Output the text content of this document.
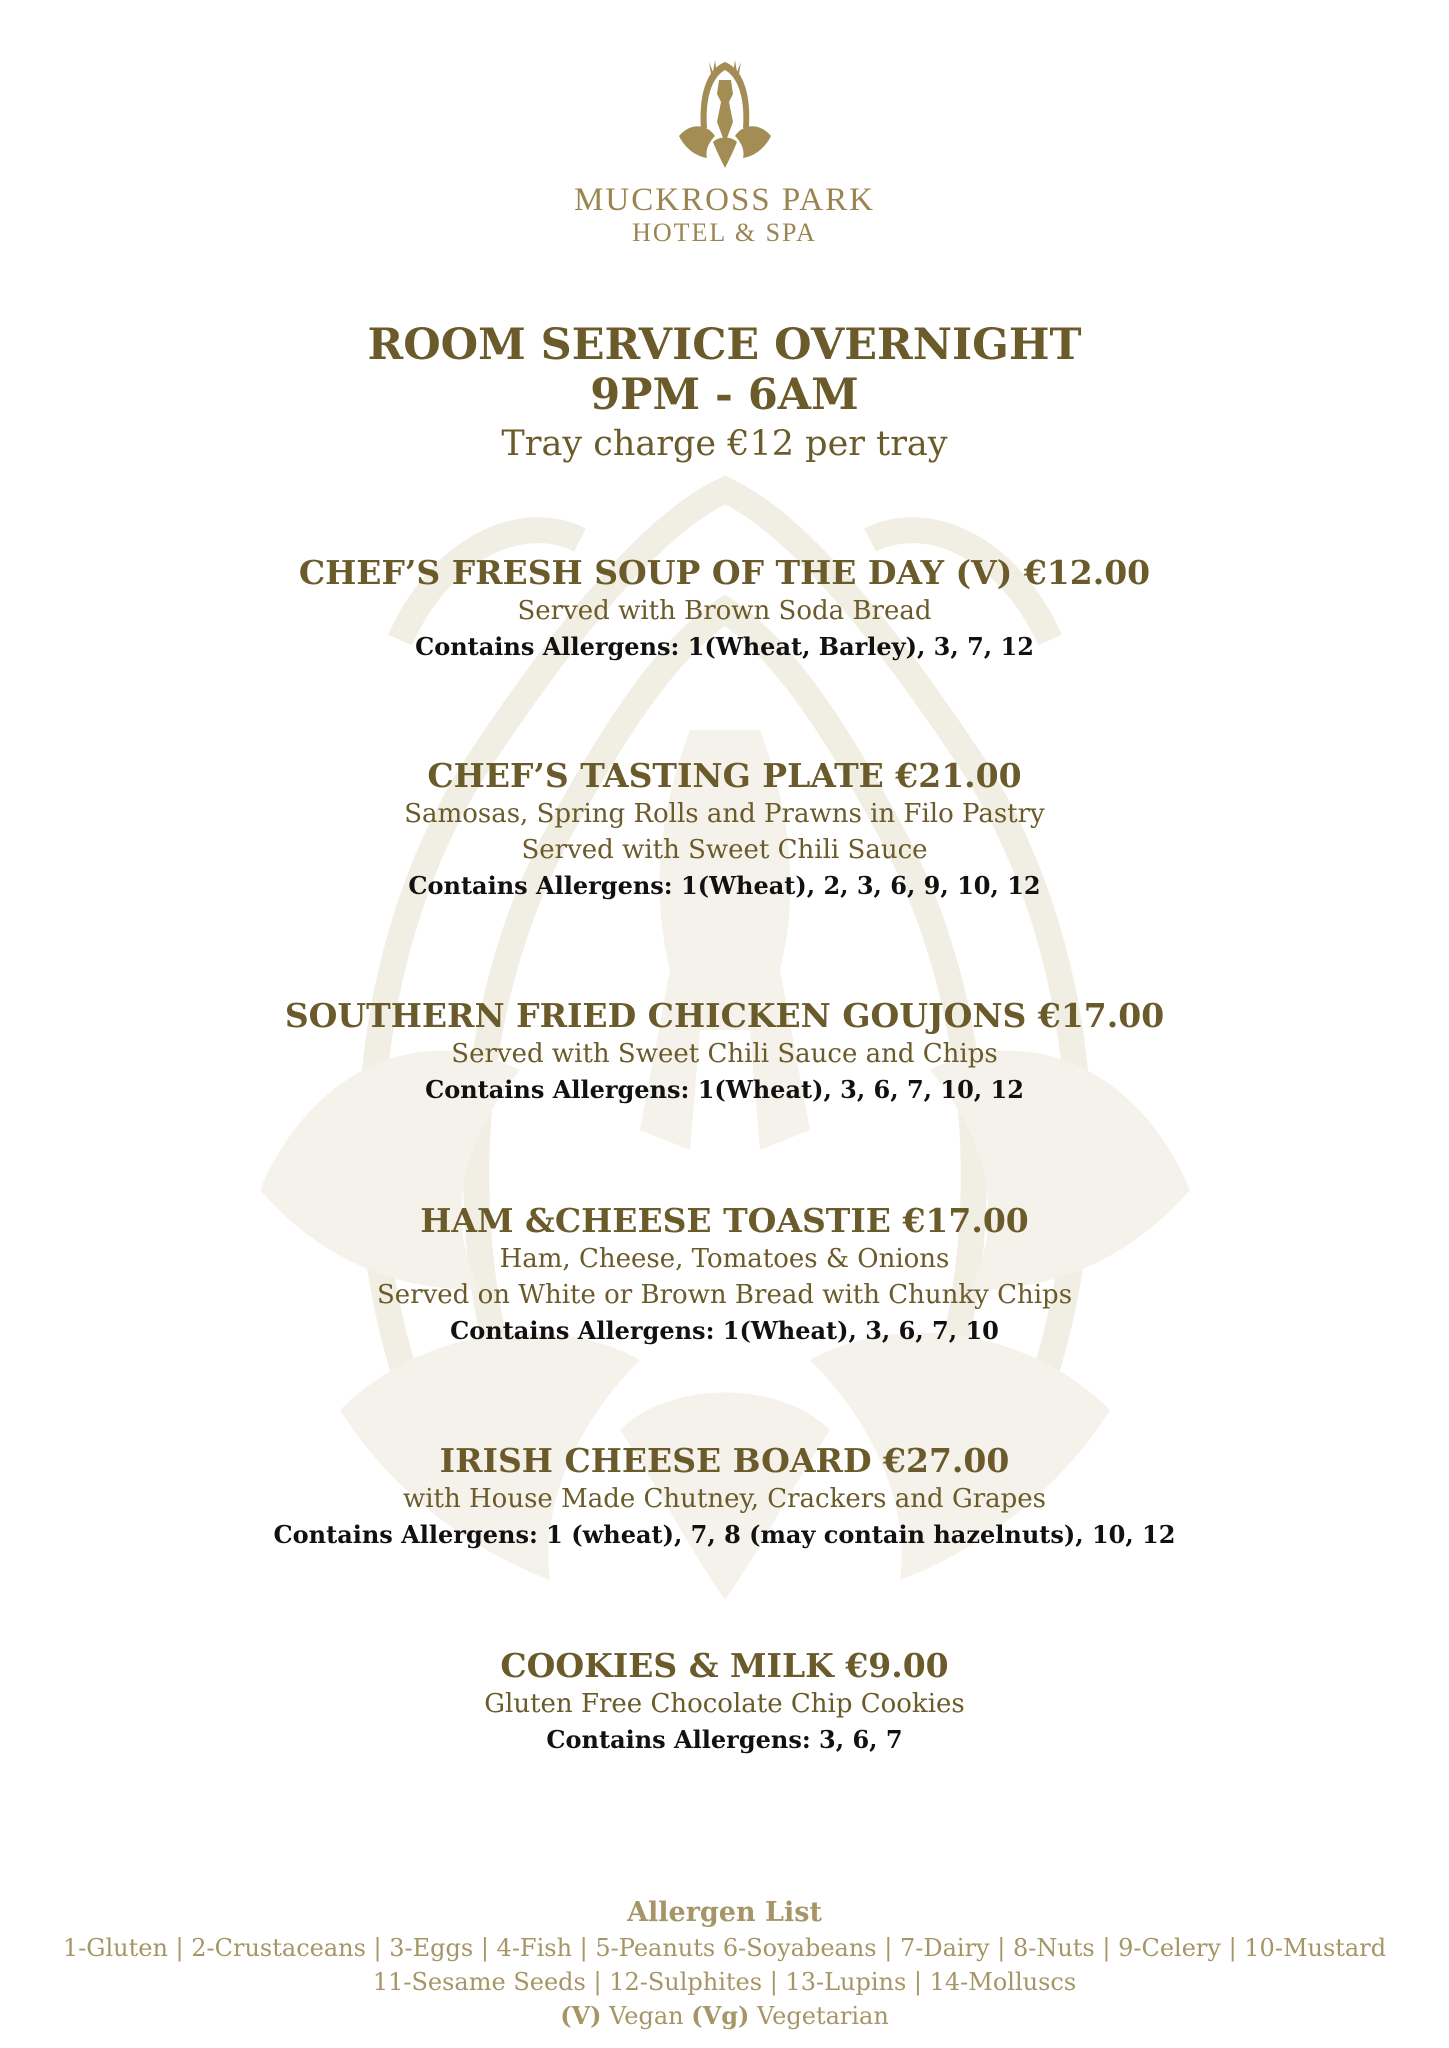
MUCKROSS PARK
HOTEL & SPA
ROOM SERVICE OVERNIGHT
9PM - 6AM
Tray charge €12 per tray
CHEF’S FRESH SOUP OF THE DAY (V) €12.00
Served with Brown Soda Bread
Contains Allergens: 1(Wheat, Barley), 3, 7, 12
CHEF’S TASTING PLATE €21.00
Samosas, Spring Rolls and Prawns in Filo Pastry
Served with Sweet Chili Sauce
Contains Allergens: 1(Wheat), 2, 3, 6, 9, 10, 12
SOUTHERN FRIED CHICKEN GOUJONS €17.00
Served with Sweet Chili Sauce and Chips
Contains Allergens: 1(Wheat), 3, 6, 7, 10, 12
HAM &CHEESE TOASTIE €17.00
Ham, Cheese, Tomatoes & Onions
Served on White or Brown Bread with Chunky Chips
Contains Allergens: 1(Wheat), 3, 6, 7, 10
IRISH CHEESE BOARD €27.00
with House Made Chutney, Crackers and Grapes
Contains Allergens: 1 (wheat), 7, 8 (may contain hazelnuts), 10, 12
COOKIES & MILK €9.00
Gluten Free Chocolate Chip Cookies
Contains Allergens: 3, 6, 7
Allergen List
1-Gluten | 2-Crustaceans | 3-Eggs | 4-Fish | 5-Peanuts 6-Soyabeans | 7-Dairy | 8-Nuts | 9-Celery | 10-Mustard
11-Sesame Seeds | 12-Sulphites | 13-Lupins | 14-Molluscs
(V) Vegan (Vg) Vegetarian
